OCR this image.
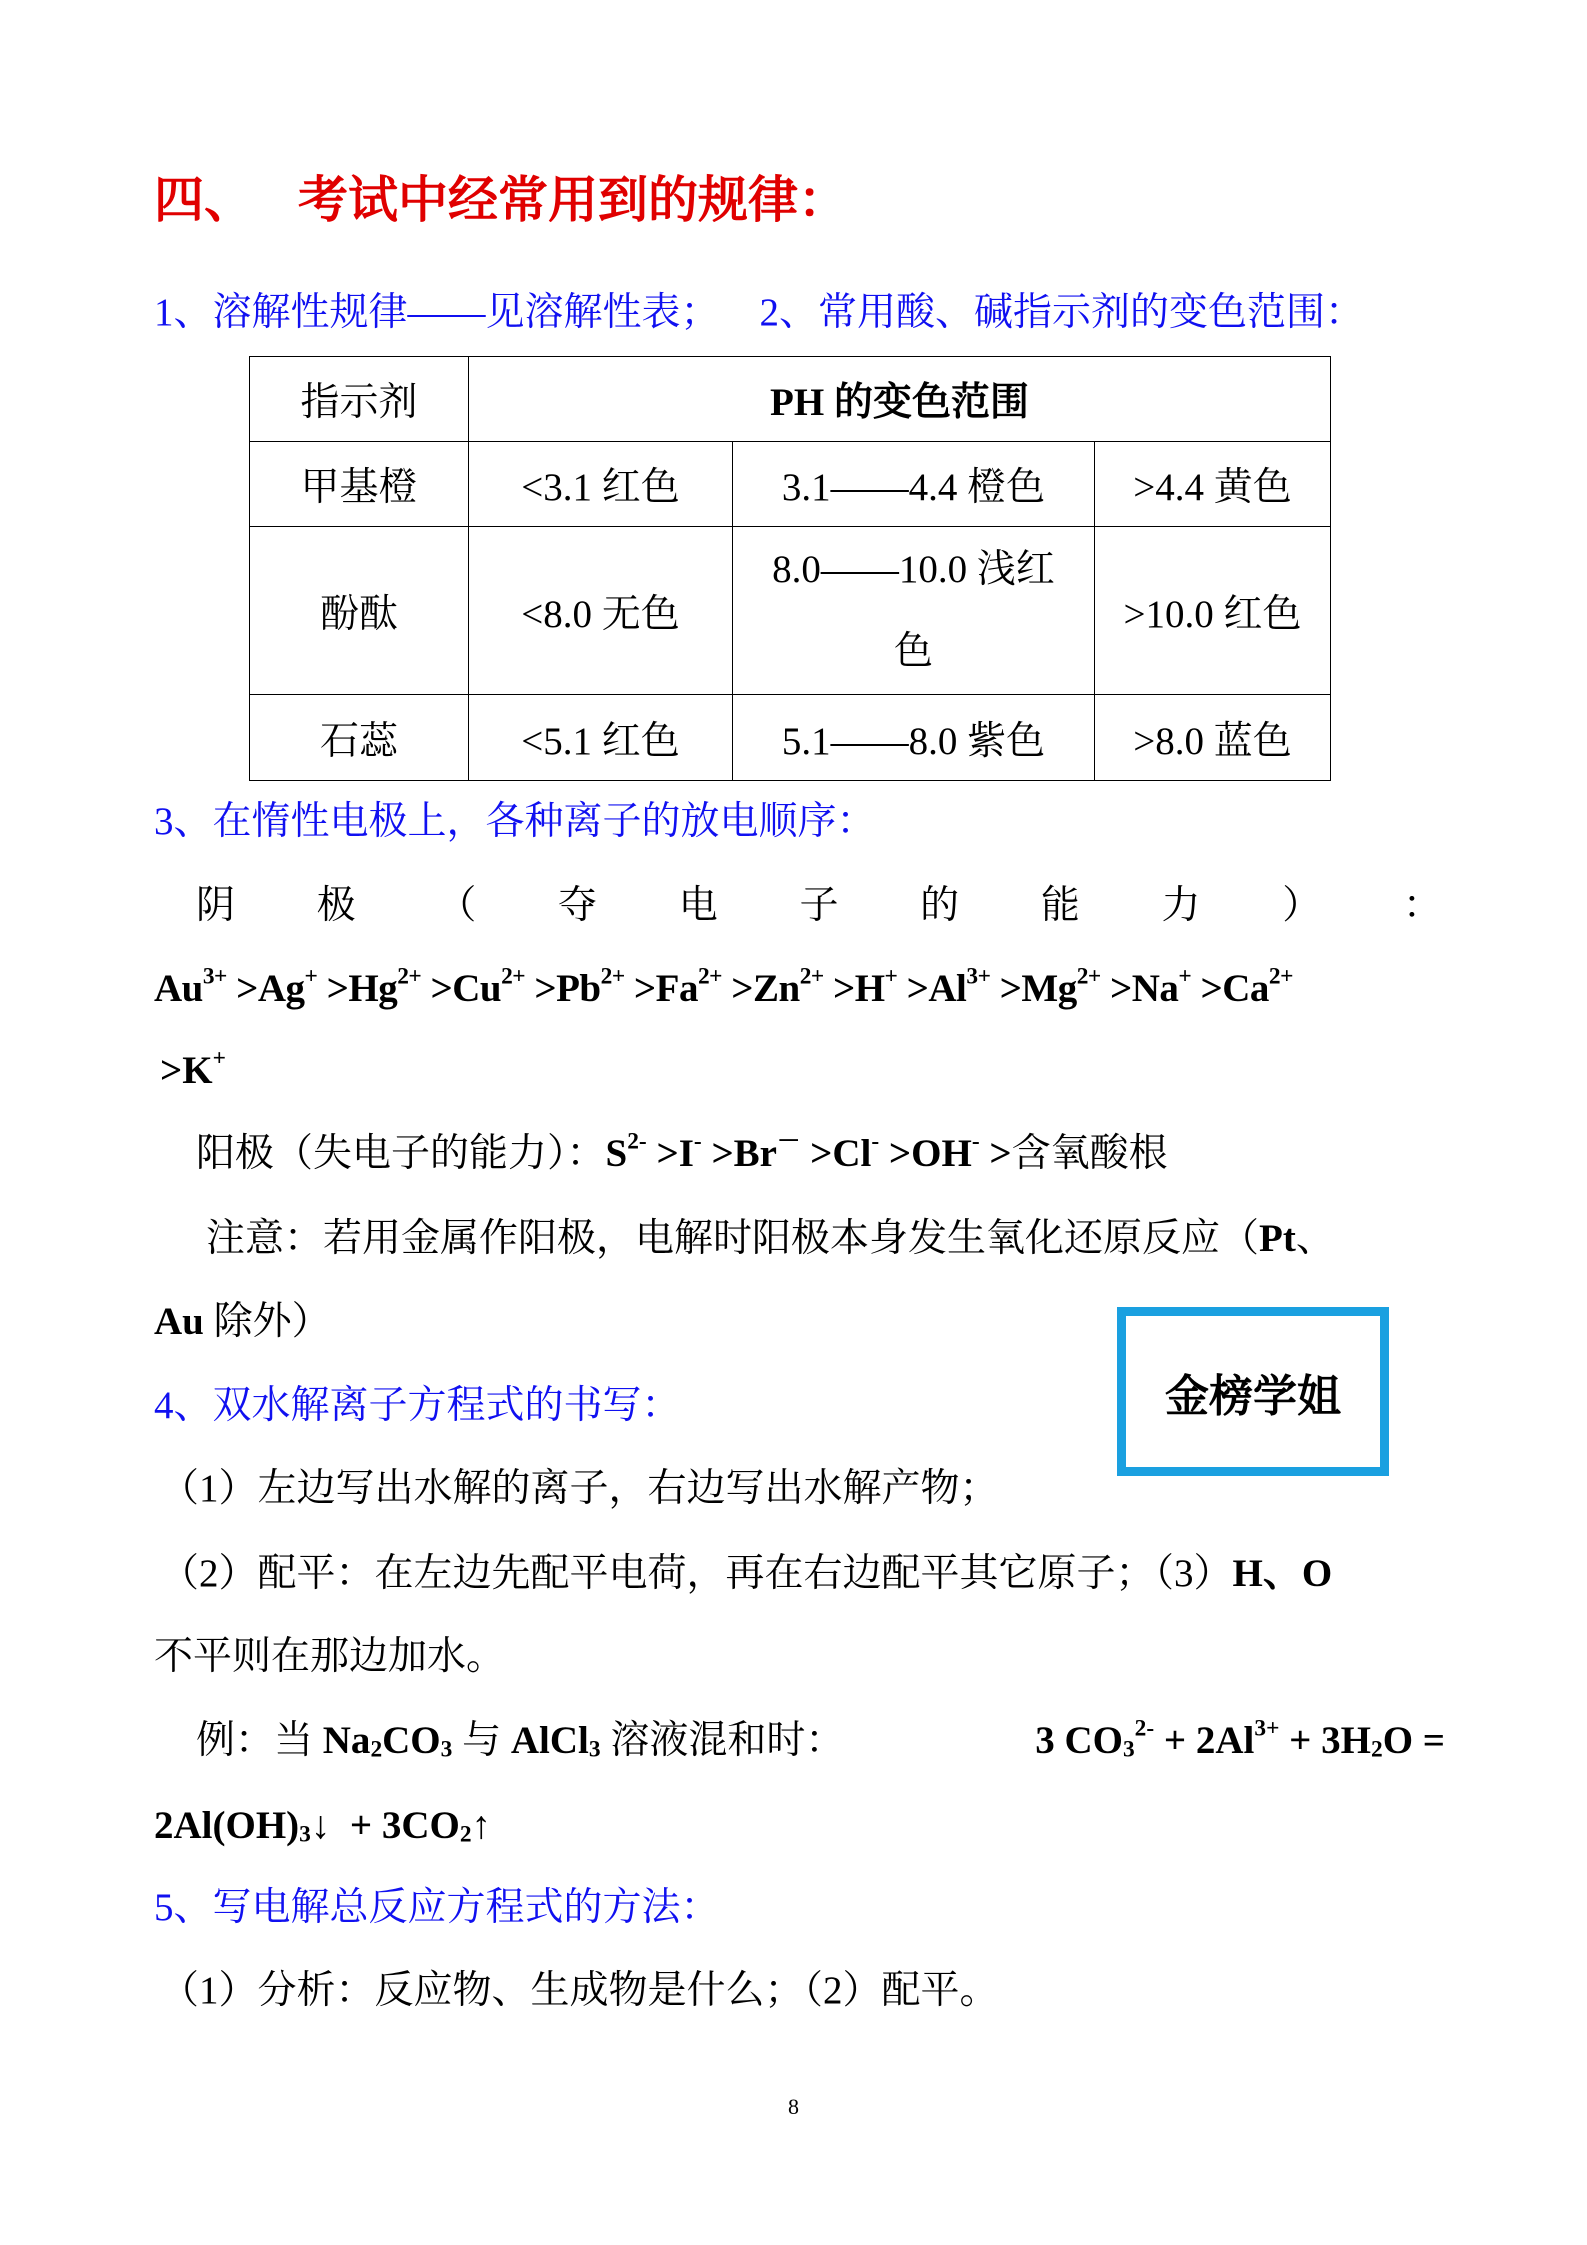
四、 考试中经常用到的规律：
1、溶解性规律——见溶解性表； 2、常用酸、碱指示剂的变色范围：
指示剂	PH 的变色范围		
甲基橙	<3.1 红色	3.1——4.4 橙色	>4.4 黄色
酚酞	<8.0 无色	8.0——10.0 浅红色	>10.0 红色
石蕊	<5.1 红色	5.1——8.0 紫色	>8.0 蓝色
3、在惰性电极上，各种离子的放电顺序：
阴 极 （ 夺 电 子 的 能 力 ） ：
$Au^{3+} >Ag^+ >Hg^{2+} >Cu^{2+} >Pb^{2+} >Fa^{2+} >Zn^{2+} >H^+ >Al^{3+} >Mg^{2+} >Na^+ >Ca^{2+}$
>K+
阳极（失电子的能力）：$S^{2-} >I^- >Br^- >Cl^- >OH^-$ >含氧酸根
注意：若用金属作阳极，电解时阳极本身发生氧化还原反应（Pt、
Au 除外）
4、双水解离子方程式的书写：
（1）左边写出水解的离子，右边写出水解产物；
（2）配平：在左边先配平电荷，再在右边配平其它原子；（3）H、O
不平则在那边加水。
例：当 $Na_2CO_3$ 与 AlCl$_3$ 溶液混和时：	3 $CO_3^{2-} + 2Al^{3+} + 3H_2O$ =
$2Al(OH)_3↓$  + $3CO_2↑$
5、写电解总反应方程式的方法：
（1）分析：反应物、生成物是什么；（2）配平。
金榜学姐
8
